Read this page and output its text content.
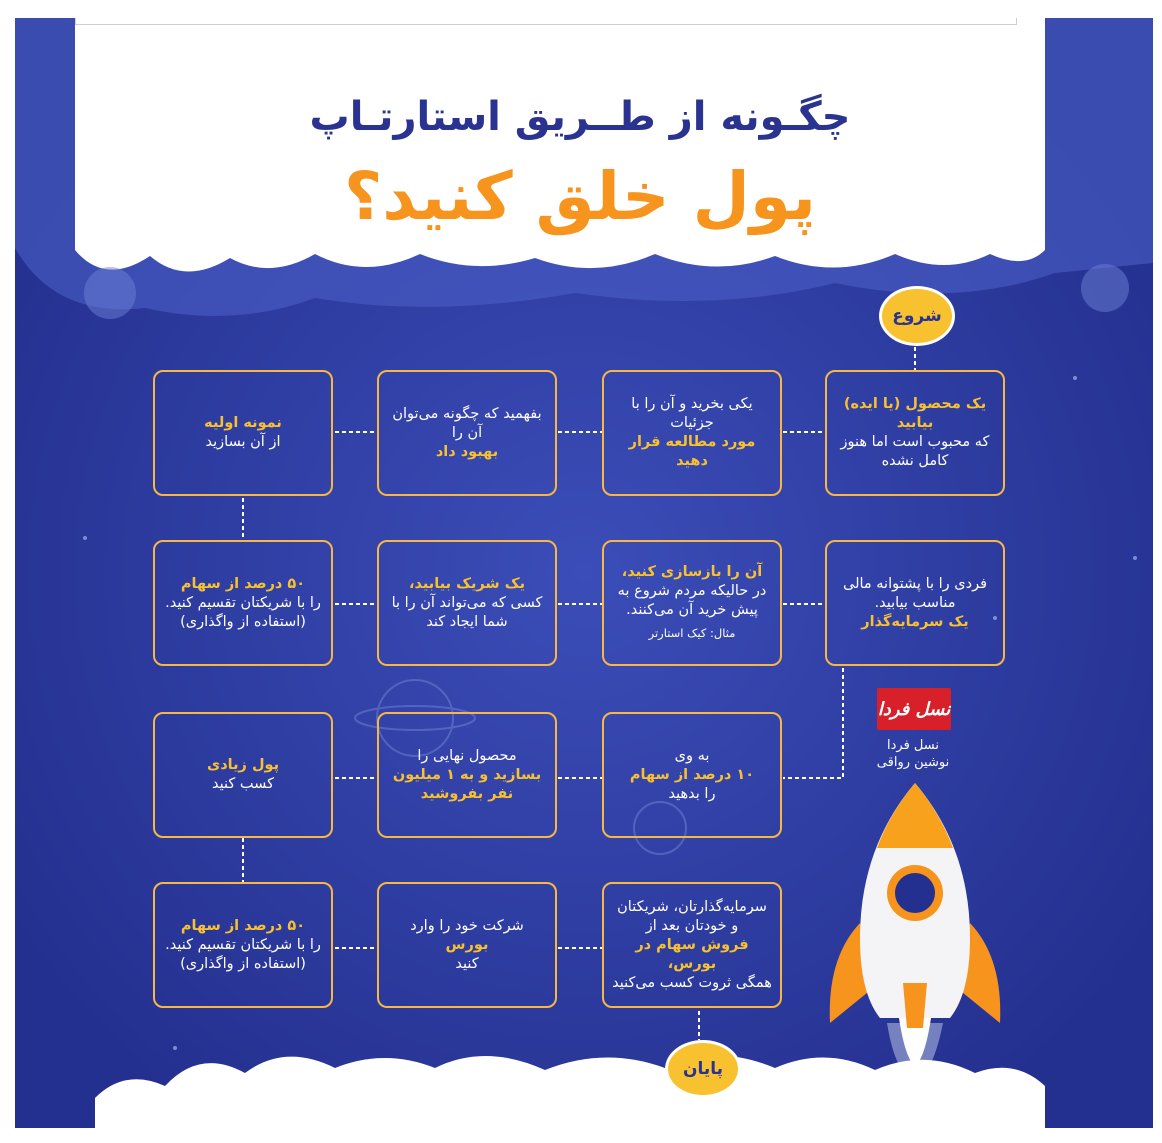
چگـونه از طــریق استارتـاپ
پول خلق کنید؟
شروع
پایان
یک محصول (یا ایده) بیابید
که محبوب است اما هنوز کامل نشده
یکی بخرید و آن را با جزئیات
مورد مطالعه قرار دهید
بفهمید که چگونه می‌توان آن را
بهبود داد
نمونه اولیه
از آن بسازید
فردی را با پشتوانه مالی مناسب بیابید.
یک سرمایه‌گذار
آن را بازسازی کنید،
در حالیکه مردم شروع به پیش خرید آن می‌کنند.
مثال: کیک استارتر
یک شریک بیابید،
کسی که می‌تواند آن را با شما ایجاد کند
۵۰ درصد از سهام
را با شریکتان تقسیم کنید. (استفاده از واگذاری)
به وی
۱۰ درصد از سهام
را بدهید
محصول نهایی را
بسازید و به ۱ میلیون نفر بفروشید
پول زیادی
کسب کنید
سرمایه‌گذارتان، شریکتان و خودتان بعد از
فروش سهام در بورس،
همگی ثروت کسب می‌کنید
شرکت خود را وارد
بورس
کنید
۵۰ درصد از سهام
را با شریکتان تقسیم کنید. (استفاده از واگذاری)
نسل فردا
نسل فردا
نوشین رواقی
